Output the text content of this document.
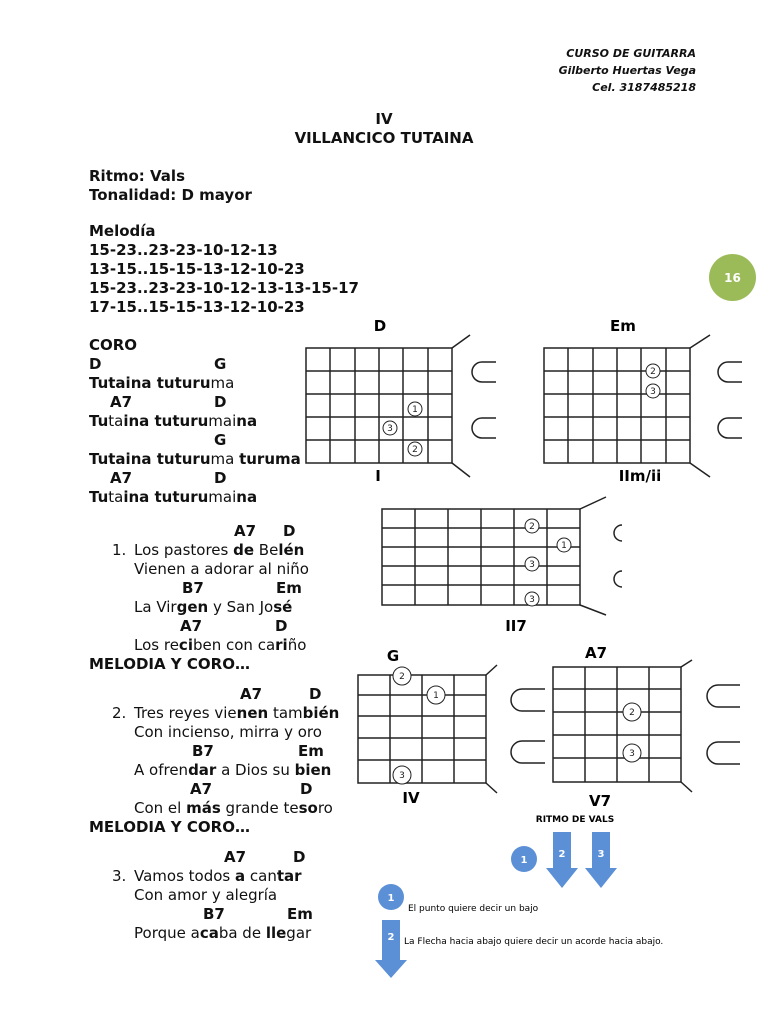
CURSO DE GUITARRA
Gilberto Huertas Vega
Cel. 3187485218
IV
VILLANCICO TUTAINA
Ritmo: Vals
Tonalidad: D mayor
Melodía
15-23..23-23-10-12-13
13-15..15-15-13-12-10-23
15-23..23-23-10-12-13-13-15-17
17-15..15-15-13-12-10-23
16
CORO
D	G
Tutaina tuturuma
A7	D
Tutaina tuturumaina
G
Tutaina tuturuma turuma
A7	D
Tutaina tuturumaina
A7 D
1. Los pastores de Belén
Vienen a adorar al niño
B7	Em
La Virgen y San José
A7	D
Los reciben con cariño
MELODIA Y CORO…
A7	D
2. Tres reyes vienen también
Con incienso, mirra y oro
B7	Em
A ofrendar a Dios su bien
A7	D
Con el más grande tesoro
MELODIA Y CORO…
A7	D
3. Vamos todos a cantar
Con amor y alegría
B7	Em
Porque acaba de llegar
D
1
3
2
I
Em
2
3
IIm/ii
2
1
3
3
II7
G
2
1
3
IV
A7
2
3
V7
RITMO DE VALS
1
2	3
1
El punto quiere decir un bajo
2 La Flecha hacia abajo quiere decir un acorde hacia abajo.
